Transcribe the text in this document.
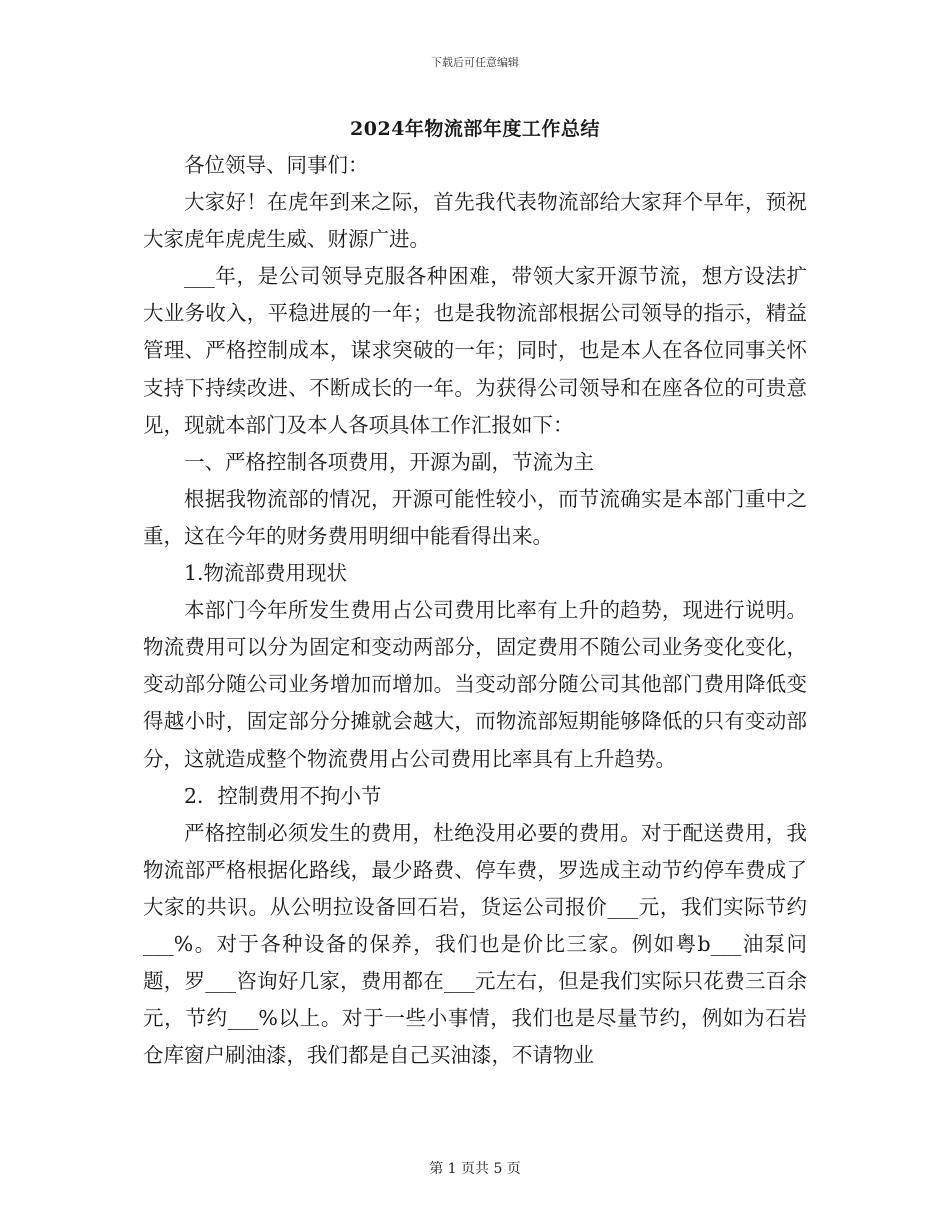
下载后可任意编辑
2024年物流部年度工作总结

各位领导、同事们：

大家好！在虎年到来之际，首先我代表物流部给大家拜个早年，预祝大家虎年虎虎生威、财源广进。

___年，是公司领导克服各种困难，带领大家开源节流，想方设法扩大业务收入，平稳进展的一年；也是我物流部根据公司领导的指示，精益管理、严格控制成本，谋求突破的一年；同时，也是本人在各位同事关怀支持下持续改进、不断成长的一年。为获得公司领导和在座各位的可贵意见，现就本部门及本人各项具体工作汇报如下：

一、严格控制各项费用，开源为副，节流为主

根据我物流部的情况，开源可能性较小，而节流确实是本部门重中之重，这在今年的财务费用明细中能看得出来。

1.物流部费用现状

本部门今年所发生费用占公司费用比率有上升的趋势，现进行说明。物流费用可以分为固定和变动两部分，固定费用不随公司业务变化变化，变动部分随公司业务增加而增加。当变动部分随公司其他部门费用降低变得越小时，固定部分分摊就会越大，而物流部短期能够降低的只有变动部分，这就造成整个物流费用占公司费用比率具有上升趋势。

2．控制费用不拘小节

严格控制必须发生的费用，杜绝没用必要的费用。对于配送费用，我物流部严格根据化路线，最少路费、停车费，罗选成主动节约停车费成了大家的共识。从公明拉设备回石岩，货运公司报价___元，我们实际节约___%。对于各种设备的保养，我们也是价比三家。例如粤b___油泵问题，罗___咨询好几家，费用都在___元左右，但是我们实际只花费三百余元，节约___%以上。对于一些小事情，我们也是尽量节约，例如为石岩仓库窗户刷油漆，我们都是自己买油漆，不请物业

第 1 页共 5 页
